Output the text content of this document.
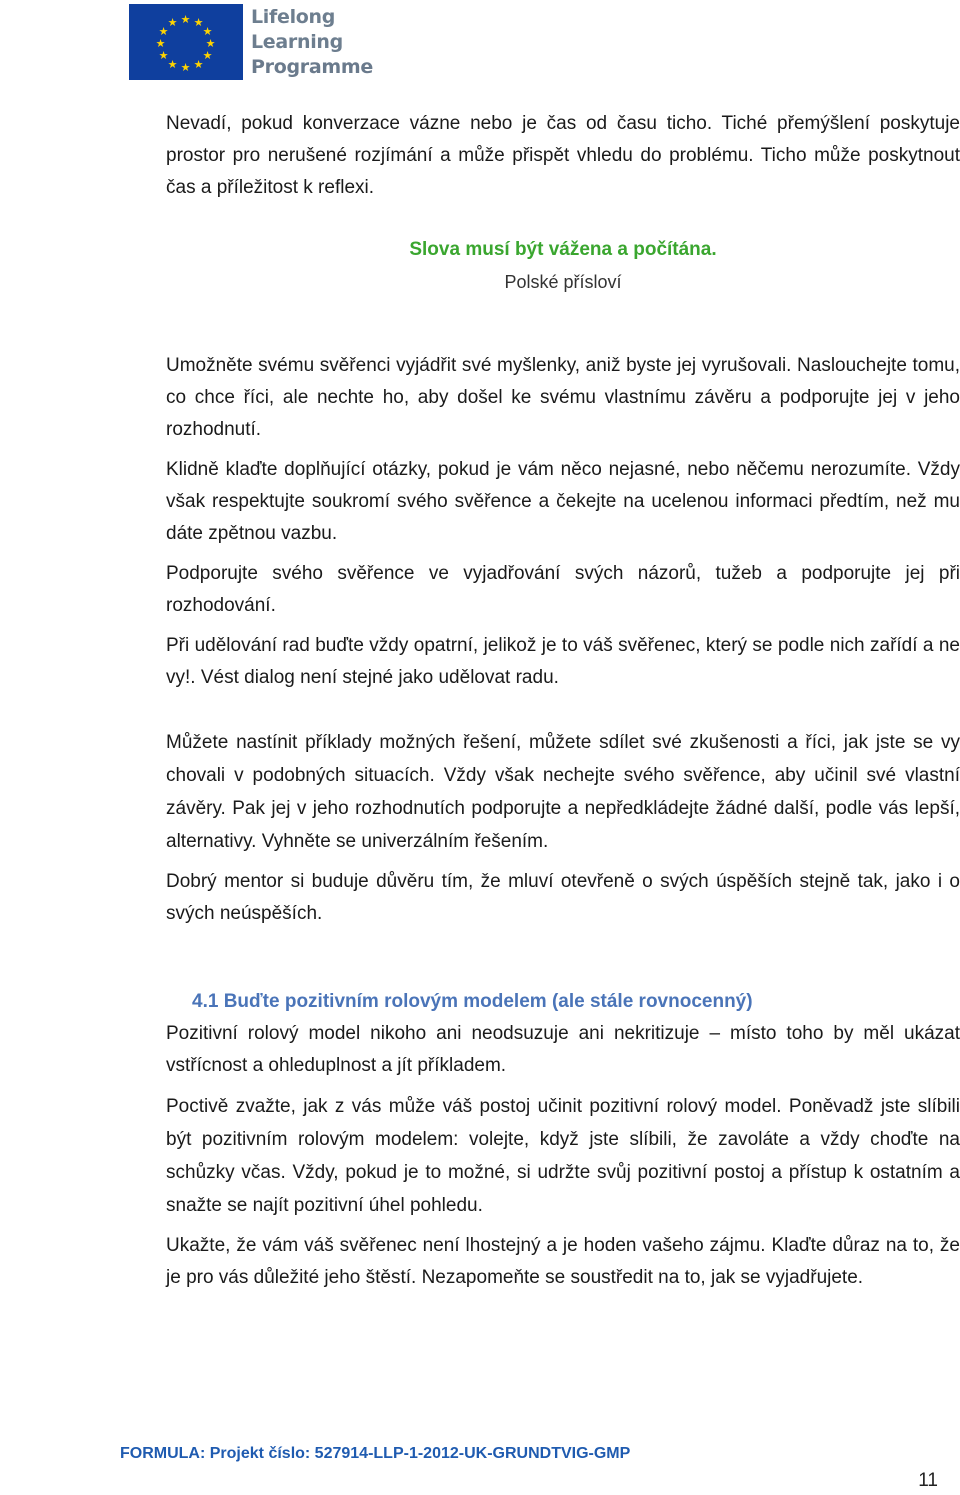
★ ★
★
★
★
★
★
★
★
★
★
★	Lifelong
Learning
Programme

Nevadí, pokud konverzace vázne nebo je čas od času ticho. Tiché přemýšlení poskytuje prostor pro nerušené rozjímání a může přispět vhledu do problému. Ticho může poskytnout čas a příležitost k reflexi.

Slova musí být vážena a počítána.
Polské přísloví

Umožněte svému svěřenci vyjádřit své myšlenky, aniž byste jej vyrušovali. Naslouchejte tomu, co chce říci, ale nechte ho, aby došel ke svému vlastnímu závěru a podporujte jej v jeho rozhodnutí.

Klidně klaďte doplňující otázky, pokud je vám něco nejasné, nebo něčemu nerozumíte. Vždy však respektujte soukromí svého svěřence a čekejte na ucelenou informaci předtím, než mu dáte zpětnou vazbu.

Podporujte svého svěřence ve vyjadřování svých názorů, tužeb a podporujte jej při rozhodování.

Při udělování rad buďte vždy opatrní, jelikož je to váš svěřenec, který se podle nich zařídí a ne vy!. Vést dialog není stejné jako udělovat radu.

Můžete nastínit příklady možných řešení, můžete sdílet své zkušenosti a říci, jak jste se vy chovali v podobných situacích. Vždy však nechejte svého svěřence, aby učinil své vlastní závěry. Pak jej v jeho rozhodnutích podporujte a nepředkládejte žádné další, podle vás lepší, alternativy. Vyhněte se univerzálním řešením.

Dobrý mentor si buduje důvěru tím, že mluví otevřeně o svých úspěších stejně tak, jako i o svých neúspěších.

4.1 Buďte pozitivním rolovým modelem (ale stále rovnocenný)

Pozitivní rolový model nikoho ani neodsuzuje ani nekritizuje – místo toho by měl ukázat vstřícnost a ohleduplnost a jít příkladem.

Poctivě zvažte, jak z vás může váš postoj učinit pozitivní rolový model. Poněvadž jste slíbili být pozitivním rolovým modelem: volejte, když jste slíbili, že zavoláte a vždy choďte na schůzky včas. Vždy, pokud je to možné, si udržte svůj pozitivní postoj a přístup k ostatním a snažte se najít pozitivní úhel pohledu.

Ukažte, že vám váš svěřenec není lhostejný a je hoden vašeho zájmu. Klaďte důraz na to, že je pro vás důležité jeho štěstí. Nezapomeňte se soustředit na to, jak se vyjadřujete.

FORMULA: Projekt číslo: 527914-LLP-1-2012-UK-GRUNDTVIG-GMP
11
